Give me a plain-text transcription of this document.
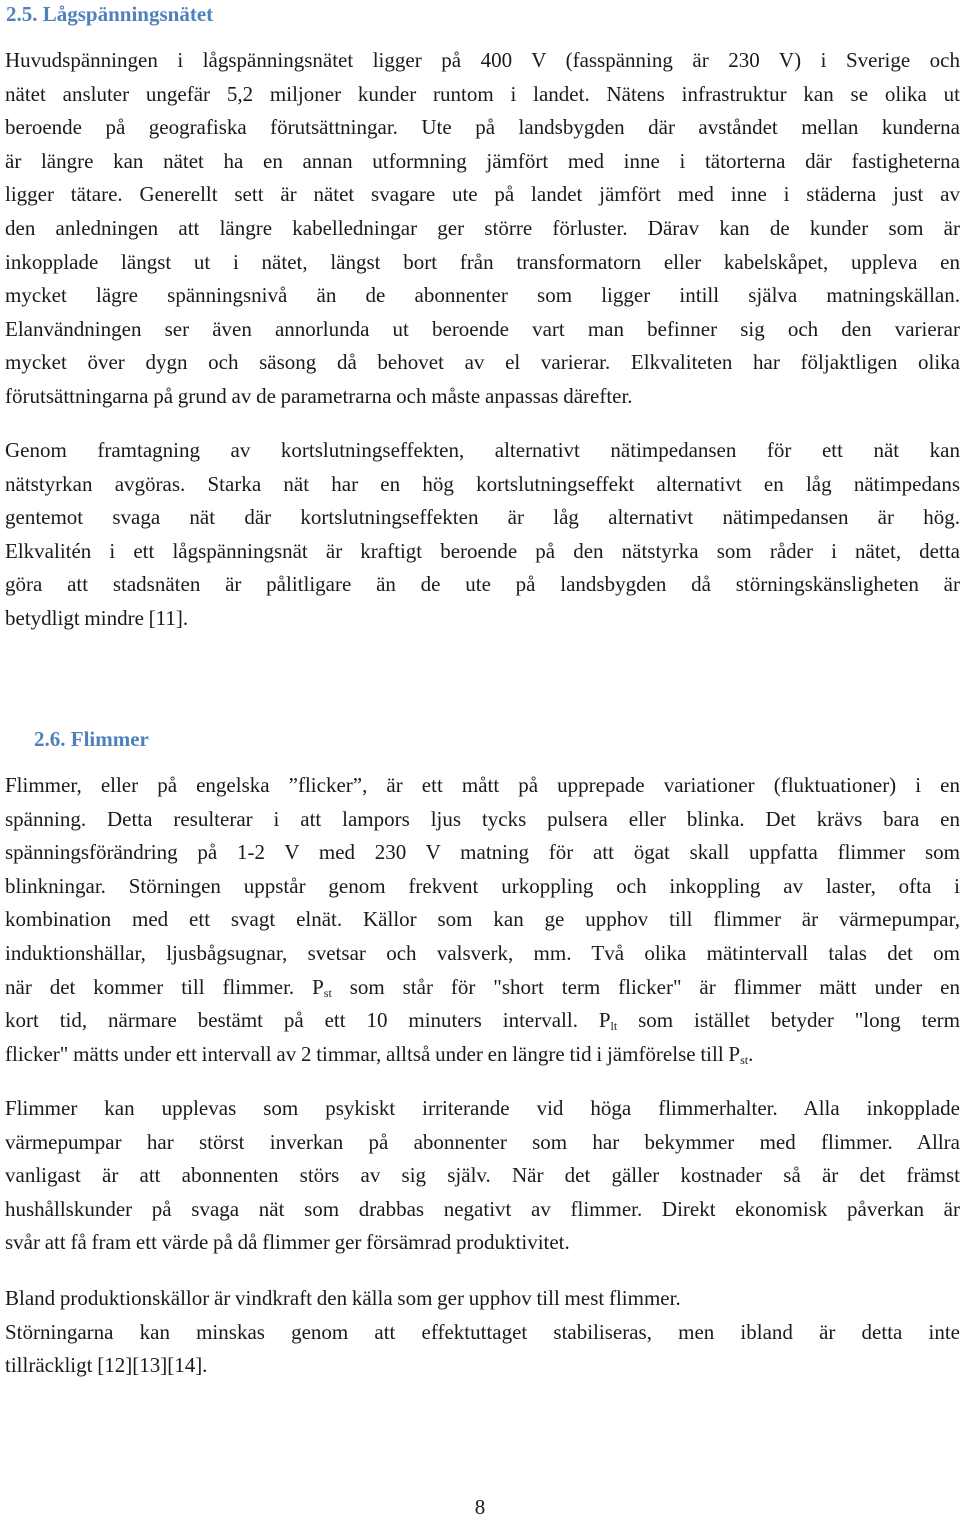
2.5. Lågspänningsnätet

Huvudspänningen i lågspänningsnätet ligger på 400 V (fasspänning är 230 V) i Sverige och
nätet ansluter ungefär 5,2 miljoner kunder runtom i landet. Nätens infrastruktur kan se olika ut
beroende på geografiska förutsättningar. Ute på landsbygden där avståndet mellan kunderna
är längre kan nätet ha en annan utformning jämfört med inne i tätorterna där fastigheterna
ligger tätare. Generellt sett är nätet svagare ute på landet jämfört med inne i städerna just av
den anledningen att längre kabelledningar ger större förluster. Därav kan de kunder som är
inkopplade längst ut i nätet, längst bort från transformatorn eller kabelskåpet, uppleva en
mycket lägre spänningsnivå än de abonnenter som ligger intill själva matningskällan.
Elanvändningen ser även annorlunda ut beroende vart man befinner sig och den varierar
mycket över dygn och säsong då behovet av el varierar. Elkvaliteten har följaktligen olika
förutsättningarna på grund av de parametrarna och måste anpassas därefter.

Genom framtagning av kortslutningseffekten, alternativt nätimpedansen för ett nät kan
nätstyrkan avgöras. Starka nät har en hög kortslutningseffekt alternativt en låg nätimpedans
gentemot svaga nät där kortslutningseffekten är låg alternativt nätimpedansen är hög.
Elkvalitén i ett lågspänningsnät är kraftigt beroende på den nätstyrka som råder i nätet, detta
göra att stadsnäten är pålitligare än de ute på landsbygden då störningskänsligheten är
betydligt mindre [11].

2.6. Flimmer

Flimmer, eller på engelska ”flicker”, är ett mått på upprepade variationer (fluktuationer) i en
spänning. Detta resulterar i att lampors ljus tycks pulsera eller blinka. Det krävs bara en
spänningsförändring på 1-2 V med 230 V matning för att ögat skall uppfatta flimmer som
blinkningar. Störningen uppstår genom frekvent urkoppling och inkoppling av laster, ofta i
kombination med ett svagt elnät. Källor som kan ge upphov till flimmer är värmepumpar,
induktionshällar, ljusbågsugnar, svetsar och valsverk, mm. Två olika mätintervall talas det om
när det kommer till flimmer. $P_{st}$ som står för "short term flicker" är flimmer mätt under en
kort tid, närmare bestämt på ett 10 minuters intervall. $P_{lt}$ som istället betyder "long term
flicker" mätts under ett intervall av 2 timmar, alltså under en längre tid i jämförelse till $P_{st}$.

Flimmer kan upplevas som psykiskt irriterande vid höga flimmerhalter. Alla inkopplade
värmepumpar har störst inverkan på abonnenter som har bekymmer med flimmer. Allra
vanligast är att abonnenten störs av sig själv. När det gäller kostnader så är det främst
hushållskunder på svaga nät som drabbas negativt av flimmer. Direkt ekonomisk påverkan är
svår att få fram ett värde på då flimmer ger försämrad produktivitet.

Bland produktionskällor är vindkraft den källa som ger upphov till mest flimmer.
Störningarna kan minskas genom att effektuttaget stabiliseras, men ibland är detta inte
tillräckligt [12][13][14].

8
